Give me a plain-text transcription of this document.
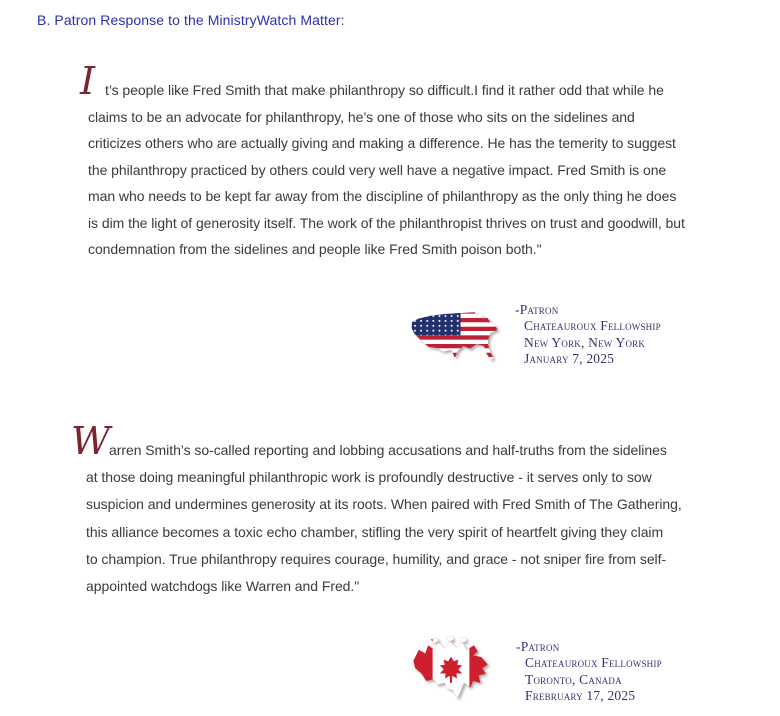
B. Patron Response to the MinistryWatch Matter:
I t’s people like Fred Smith that make philanthropy so difficult.I find it rather odd that while he
claims to be an advocate for philanthropy, he’s one of those who sits on the sidelines and
criticizes others who are actually giving and making a difference. He has the temerity to suggest
the philanthropy practiced by others could very well have a negative impact. Fred Smith is one
man who needs to be kept far away from the discipline of philanthropy as the only thing he does
is dim the light of generosity itself. The work of the philanthropist thrives on trust and goodwill, but
condemnation from the sidelines and people like Fred Smith poison both."
-Patron
Chateauroux Fellowship
New York, New York
January 7, 2025
W
arren Smith’s so-called reporting and lobbing accusations and half-truths from the sidelines
at those doing meaningful philanthropic work is profoundly destructive - it serves only to sow
suspicion and undermines generosity at its roots. When paired with Fred Smith of The Gathering,
this alliance becomes a toxic echo chamber, stifling the very spirit of heartfelt giving they claim
to champion. True philanthropy requires courage, humility, and grace - not sniper fire from self-
appointed watchdogs like Warren and Fred."
-Patron
Chateauroux Fellowship
Toronto, Canada
Frebruary 17, 2025
